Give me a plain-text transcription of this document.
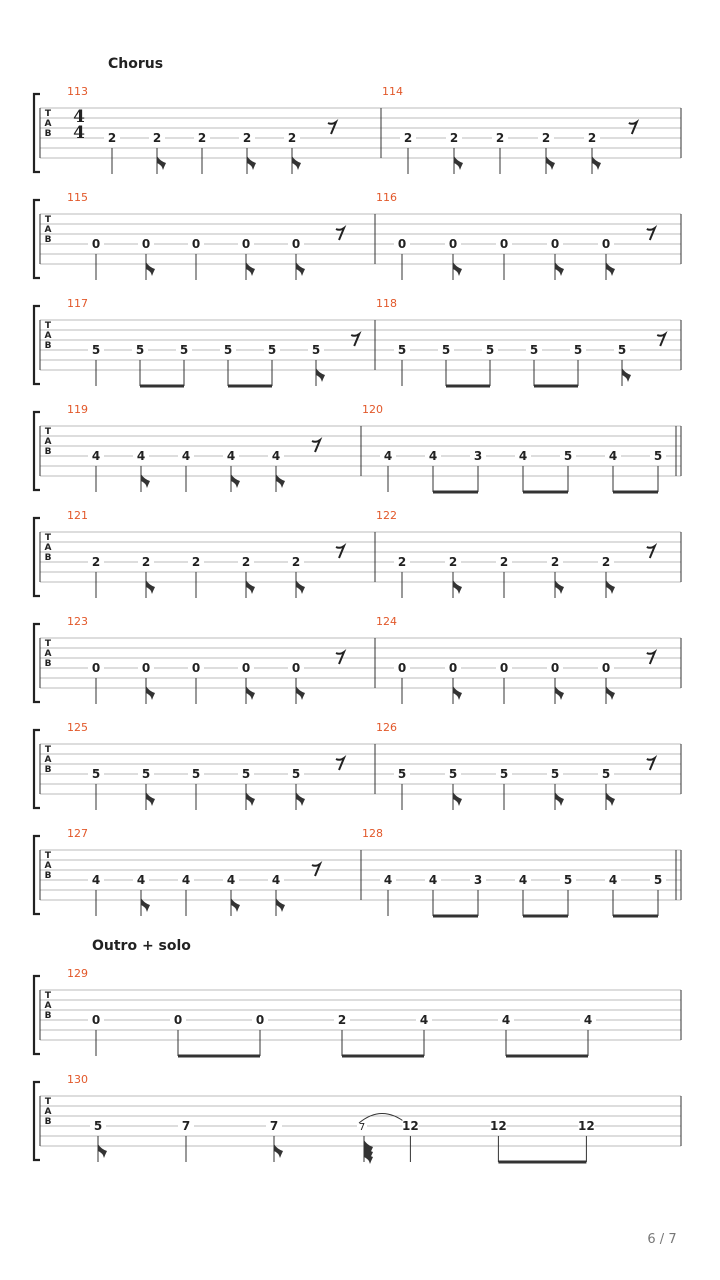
T
A
B
4
4
Chorus
113
2	2	2	2	2
114
2	2	2	2	2
T
A
B
115
0	0	0	0	0
116
0	0	0	0	0
T
A
B
117
5	5	5	5	5	5
118
5	5	5	5	5	5
T
A
B
119
4	4	4	4	4
120
4	4	3	4	5	4	5
T
A
B
121
2	2	2	2	2
122
2	2	2	2	2
T
A
B
123
0	0	0	0	0
124
0	0	0	0	0
T
A
B
125
5	5	5	5	5
126
5	5	5	5	5
T
A
B
127
4	4	4	4	4
128
4	4	3	4	5	4	5
T
A
B
Outro + solo
129
0	0	0	2	4	4	4
T
A
B
130
5	7	7	7	12	12	12
6 / 7
